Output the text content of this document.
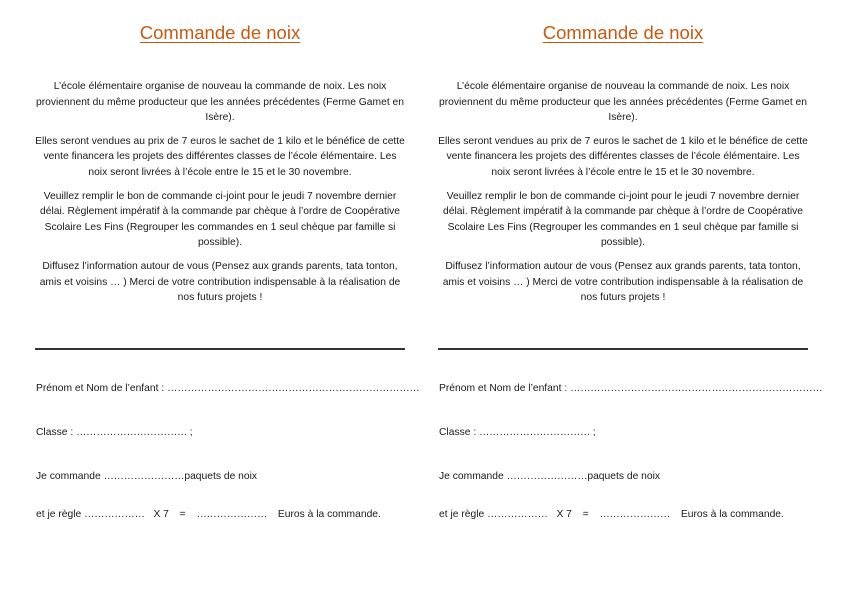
Commande de noix

L’école élémentaire organise de nouveau la commande de noix. Les noix proviennent du même producteur que les années précédentes (Ferme Gamet en Isère).

Elles seront vendues au prix de 7 euros le sachet de 1 kilo et le bénéfice de cette vente financera les projets des différentes classes de l’école élémentaire. Les noix seront livrées à l’école entre le 15 et le 30 novembre.

Veuillez remplir le bon de commande ci-joint pour le jeudi 7 novembre dernier délai. Règlement impératif à la commande par chèque à l’ordre de Coopérative Scolaire Les Fins (Regrouper les commandes en 1 seul chèque par famille si possible).

Diffusez l’information autour de vous (Pensez aux grands parents, tata tonton, amis et voisins … ) Merci de votre contribution indispensable à la réalisation de nos futurs projets !

Prénom et Nom de l’enfant : …………………………………………………………………
Classe : …………………………… ;
Je commande ……………………paquets de noix
et je règle ……………… X 7 = ………………… Euros à la commande.
Commande de noix

L’école élémentaire organise de nouveau la commande de noix. Les noix proviennent du même producteur que les années précédentes (Ferme Gamet en Isère).

Elles seront vendues au prix de 7 euros le sachet de 1 kilo et le bénéfice de cette vente financera les projets des différentes classes de l’école élémentaire. Les noix seront livrées à l’école entre le 15 et le 30 novembre.

Veuillez remplir le bon de commande ci-joint pour le jeudi 7 novembre dernier délai. Règlement impératif à la commande par chèque à l’ordre de Coopérative Scolaire Les Fins (Regrouper les commandes en 1 seul chèque par famille si possible).

Diffusez l’information autour de vous (Pensez aux grands parents, tata tonton, amis et voisins … ) Merci de votre contribution indispensable à la réalisation de nos futurs projets !

Prénom et Nom de l’enfant : …………………………………………………………………
Classe : …………………………… ;
Je commande ……………………paquets de noix
et je règle ……………… X 7 = ………………… Euros à la commande.
